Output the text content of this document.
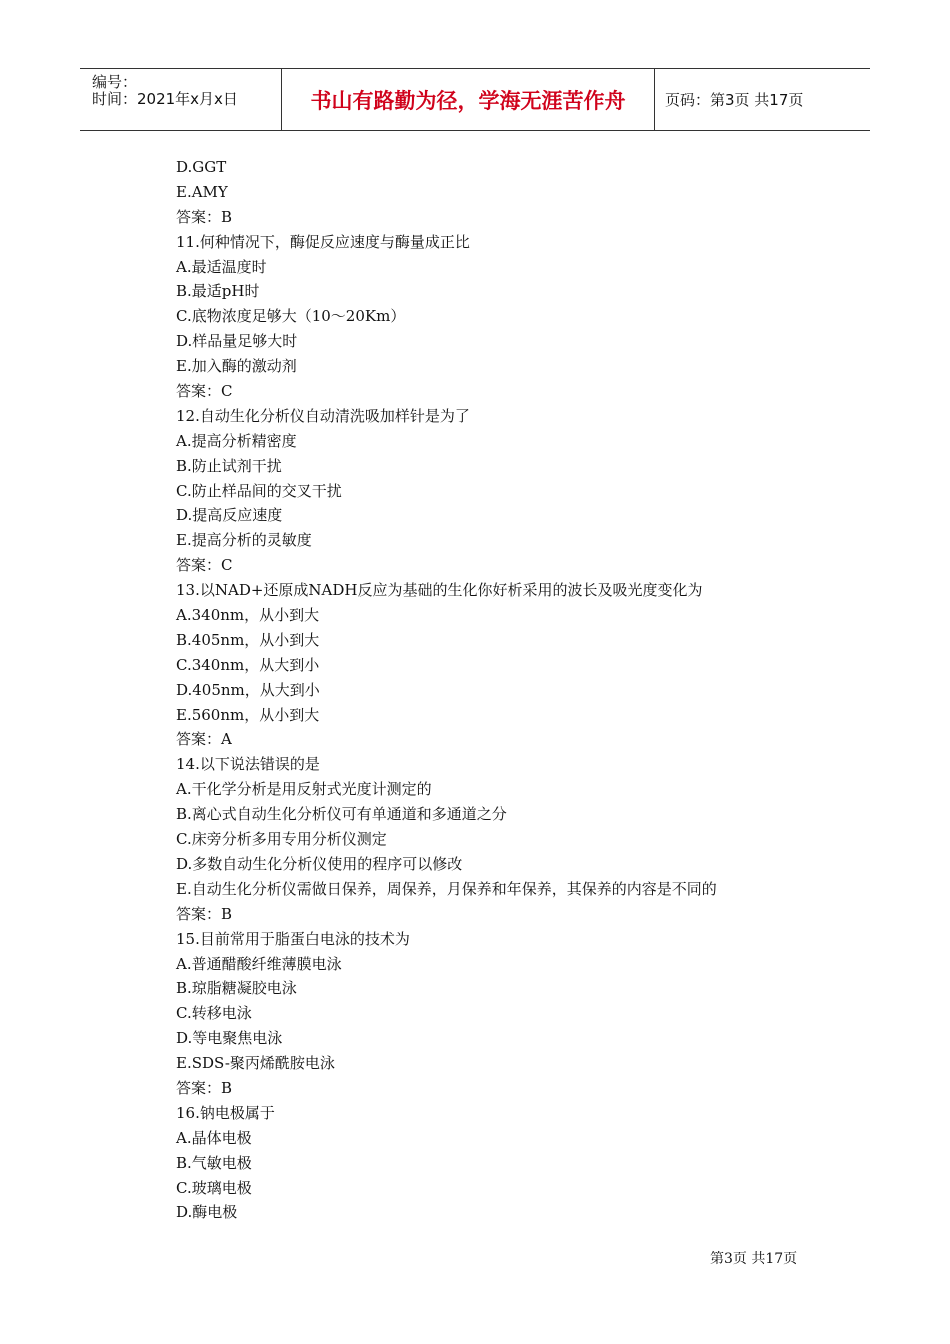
编号：
时间：2021年x月x日	书山有路勤为径，学海无涯苦作舟	页码：第3页 共17页
D.GGT
E.AMY
答案：B
11.何种情况下，酶促反应速度与酶量成正比
A.最适温度时
B.最适pH时
C.底物浓度足够大（10～20Km）
D.样品量足够大时
E.加入酶的激动剂
答案：C
12.自动生化分析仪自动清洗吸加样针是为了
A.提高分析精密度
B.防止试剂干扰
C.防止样品间的交叉干扰
D.提高反应速度
E.提高分析的灵敏度
答案：C
13.以NAD+还原成NADH反应为基础的生化你好析采用的波长及吸光度变化为
A.340nm，从小到大
B.405nm，从小到大
C.340nm，从大到小
D.405nm，从大到小
E.560nm，从小到大
答案：A
14.以下说法错误的是
A.干化学分析是用反射式光度计测定的
B.离心式自动生化分析仪可有单通道和多通道之分
C.床旁分析多用专用分析仪测定
D.多数自动生化分析仪使用的程序可以修改
E.自动生化分析仪需做日保养，周保养，月保养和年保养，其保养的内容是不同的
答案：B
15.目前常用于脂蛋白电泳的技术为
A.普通醋酸纤维薄膜电泳
B.琼脂糖凝胶电泳
C.转移电泳
D.等电聚焦电泳
E.SDS-聚丙烯酰胺电泳
答案：B
16.钠电极属于
A.晶体电极
B.气敏电极
C.玻璃电极
D.酶电极
第3页 共17页
